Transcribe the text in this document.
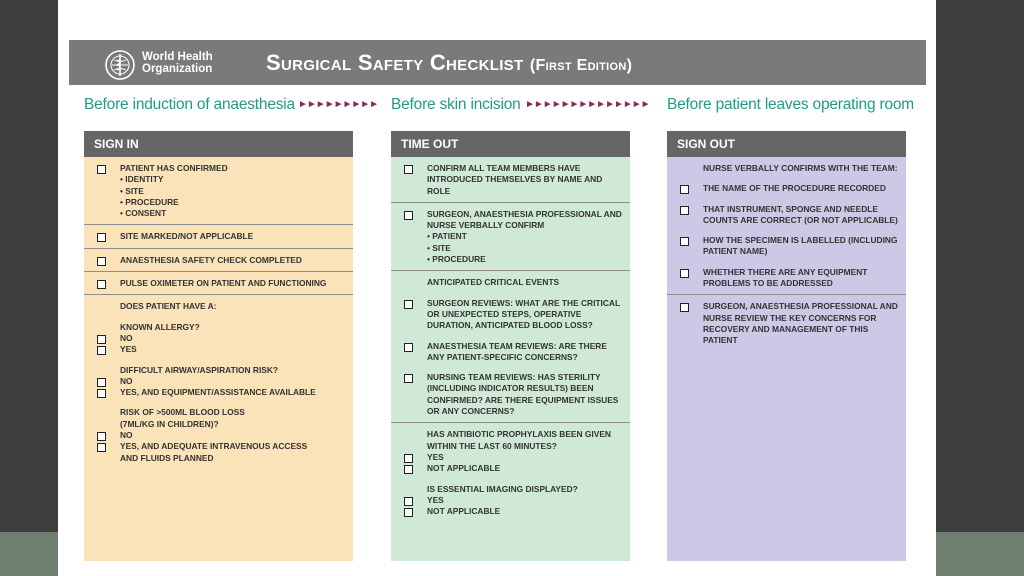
World Health
Organization Surgical Safety Checklist (First Edition)
Before induction of anaesthesia ►►►►►►►►► Before skin incision ►►►►►►►►►►►►►► Before patient leaves operating room
SIGN IN
PATIENT HAS CONFIRMED
• IDENTITY
• SITE
• PROCEDURE
• CONSENT
SITE MARKED/NOT APPLICABLE
ANAESTHESIA SAFETY CHECK COMPLETED
PULSE OXIMETER ON PATIENT AND FUNCTIONING
DOES PATIENT HAVE A:
KNOWN ALLERGY?
NO
YES
DIFFICULT AIRWAY/ASPIRATION RISK?
NO
YES, AND EQUIPMENT/ASSISTANCE AVAILABLE
RISK OF >500ML BLOOD LOSS
(7ML/KG IN CHILDREN)?
NO
YES, AND ADEQUATE INTRAVENOUS ACCESS
AND FLUIDS PLANNED
TIME OUT
CONFIRM ALL TEAM MEMBERS HAVE INTRODUCED THEMSELVES BY NAME AND ROLE
SURGEON, ANAESTHESIA PROFESSIONAL AND NURSE VERBALLY CONFIRM
• PATIENT
• SITE
• PROCEDURE
ANTICIPATED CRITICAL EVENTS
SURGEON REVIEWS: WHAT ARE THE CRITICAL OR UNEXPECTED STEPS, OPERATIVE DURATION, ANTICIPATED BLOOD LOSS?
ANAESTHESIA TEAM REVIEWS: ARE THERE ANY PATIENT-SPECIFIC CONCERNS?
NURSING TEAM REVIEWS: HAS STERILITY (INCLUDING INDICATOR RESULTS) BEEN CONFIRMED? ARE THERE EQUIPMENT ISSUES OR ANY CONCERNS?
HAS ANTIBIOTIC PROPHYLAXIS BEEN GIVEN WITHIN THE LAST 60 MINUTES?
YES
NOT APPLICABLE
IS ESSENTIAL IMAGING DISPLAYED?
YES
NOT APPLICABLE
SIGN OUT
NURSE VERBALLY CONFIRMS WITH THE TEAM:
THE NAME OF THE PROCEDURE RECORDED
THAT INSTRUMENT, SPONGE AND NEEDLE COUNTS ARE CORRECT (OR NOT APPLICABLE)
HOW THE SPECIMEN IS LABELLED (INCLUDING PATIENT NAME)
WHETHER THERE ARE ANY EQUIPMENT PROBLEMS TO BE ADDRESSED
SURGEON, ANAESTHESIA PROFESSIONAL AND NURSE REVIEW THE KEY CONCERNS FOR RECOVERY AND MANAGEMENT OF THIS PATIENT
